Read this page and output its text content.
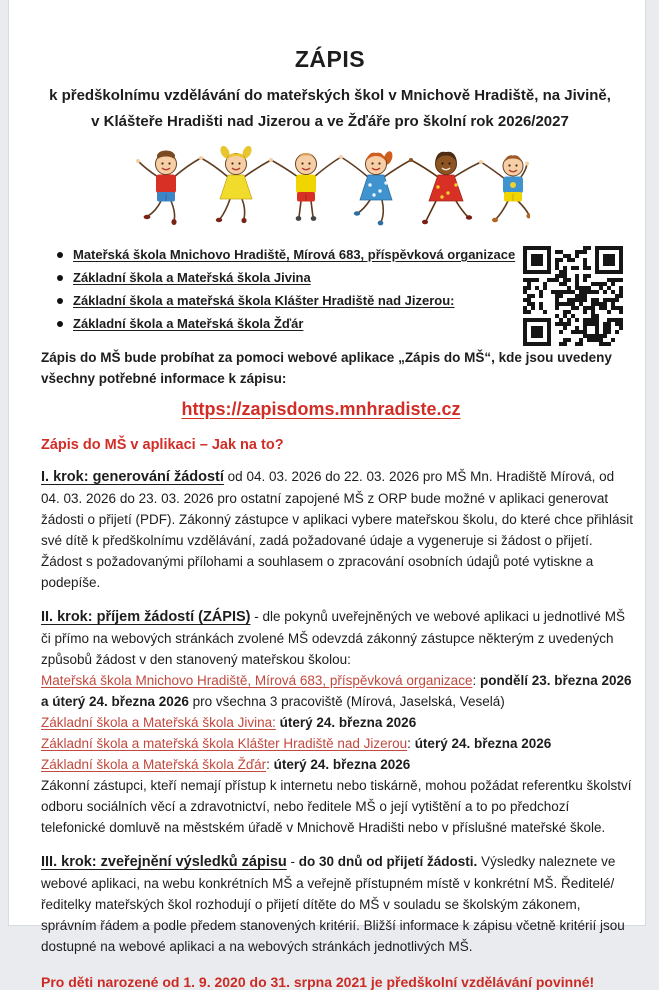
ZÁPIS
k předškolnímu vzdělávání do mateřských škol v Mnichově Hradiště, na Jivině,
v Klášteře Hradišti nad Jizerou a ve Žďáře pro školní rok 2026/2027
Mateřská škola Mnichovo Hradiště, Mírová 683, příspěvková organizace
Základní škola a Mateřská škola Jivina
Základní škola a mateřská škola Klášter Hradiště nad Jizerou:
Základní škola a Mateřská škola Žďár
Zápis do MŠ bude probíhat za pomoci webové aplikace „Zápis do MŠ“, kde jsou uvedeny všechny potřebné informace k zápisu:
https://zapisdoms.mnhradiste.cz
Zápis do MŠ v aplikaci – Jak na to?
I. krok: generování žádostí od 04. 03. 2026 do 22. 03. 2026 pro MŠ Mn. Hradiště Mírová, od 04. 03. 2026 do 23. 03. 2026 pro ostatní zapojené MŠ z ORP bude možné v aplikaci generovat žádosti o přijetí (PDF). Zákonný zástupce v aplikaci vybere mateřskou školu, do které chce přihlásit své dítě k předškolnímu vzdělávání, zadá požadované údaje a vygeneruje si žádost o přijetí. Žádost s požadovanými přílohami a souhlasem o zpracování osobních údajů poté vytiskne a podepíše.
II. krok: příjem žádostí (ZÁPIS) - dle pokynů uveřejněných ve webové aplikaci u jednotlivé MŠ či přímo na webových stránkách zvolené MŠ odevzdá zákonný zástupce některým z uvedených způsobů žádost v den stanovený mateřskou školou:
Mateřská škola Mnichovo Hradiště, Mírová 683, příspěvková organizace: pondělí 23. března 2026 a úterý 24. března 2026 pro všechna 3 pracoviště (Mírová, Jaselská, Veselá)
Základní škola a Mateřská škola Jivina: úterý 24. března 2026
Základní škola a mateřská škola Klášter Hradiště nad Jizerou: úterý 24. března 2026
Základní škola a Mateřská škola Žďár: úterý 24. března 2026
Zákonní zástupci, kteří nemají přístup k internetu nebo tiskárně, mohou požádat referentku školství odboru sociálních věcí a zdravotnictví, nebo ředitele MŠ o její vytištění a to po předchozí telefonické domluvě na městském úřadě v Mnichově Hradišti nebo v příslušné mateřské škole.
III. krok: zveřejnění výsledků zápisu - do 30 dnů od přijetí žádosti. Výsledky naleznete ve webové aplikaci, na webu konkrétních MŠ a veřejně přístupném místě v konkrétní MŠ. Ředitelé/ředitelky mateřských škol rozhodují o přijetí dítěte do MŠ v souladu se školským zákonem, správním řádem a podle předem stanovených kritérií. Bližší informace k zápisu včetně kritérií jsou dostupné na webové aplikaci a na webových stránkách jednotlivých MŠ.
Pro děti narozené od 1. 9. 2020 do 31. srpna 2021 je předškolní vzdělávání povinné!
